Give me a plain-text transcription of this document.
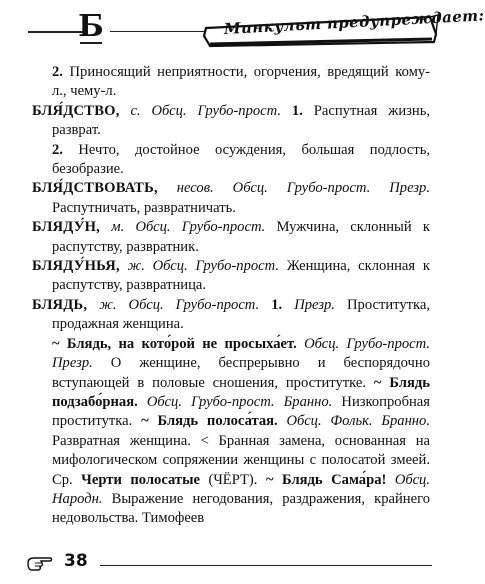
Б	Минкульт предупреждает:

2. Приносящий неприятности, огорчения, вредящий кому-л., чему-л.

БЛЯ́ДСТВО, с. Обсц. Грубо-прост. 1. Распутная жизнь, разврат.

2. Нечто, достойное осуждения, большая подлость, безобразие.

БЛЯ́ДСТВОВАТЬ, несов. Обсц. Грубо-прост. Презр. Распутничать, развратничать.

БЛЯДУ́Н, м. Обсц. Грубо-прост. Мужчина, склонный к распутству, развратник.

БЛЯДУ́НЬЯ, ж. Обсц. Грубо-прост. Женщина, склонная к распутству, развратница.

БЛЯДЬ, ж. Обсц. Грубо-прост. 1. Презр. Проститутка, продажная женщина.

~ Блядь, на кото́рой не просыха́ет. Обсц. Грубо-прост. Презр. О женщине, беспрерывно и беспорядочно вступающей в половые сношения, проститутке. ~ Блядь подзабо́рная. Обсц. Грубо-прост. Бранно. Низкопробная проститутка. ~ Блядь полоса́тая. Обсц. Фольк. Бранно. Развратная женщина. < Бранная замена, основанная на мифологическом сопряжении женщины с полосатой змеей. Ср. Черти полосатые (ЧЁРТ). ~ Блядь Сама́ра! Обсц. Народн. Выражение негодования, раздражения, крайнего недовольства. Тимофеев

38
